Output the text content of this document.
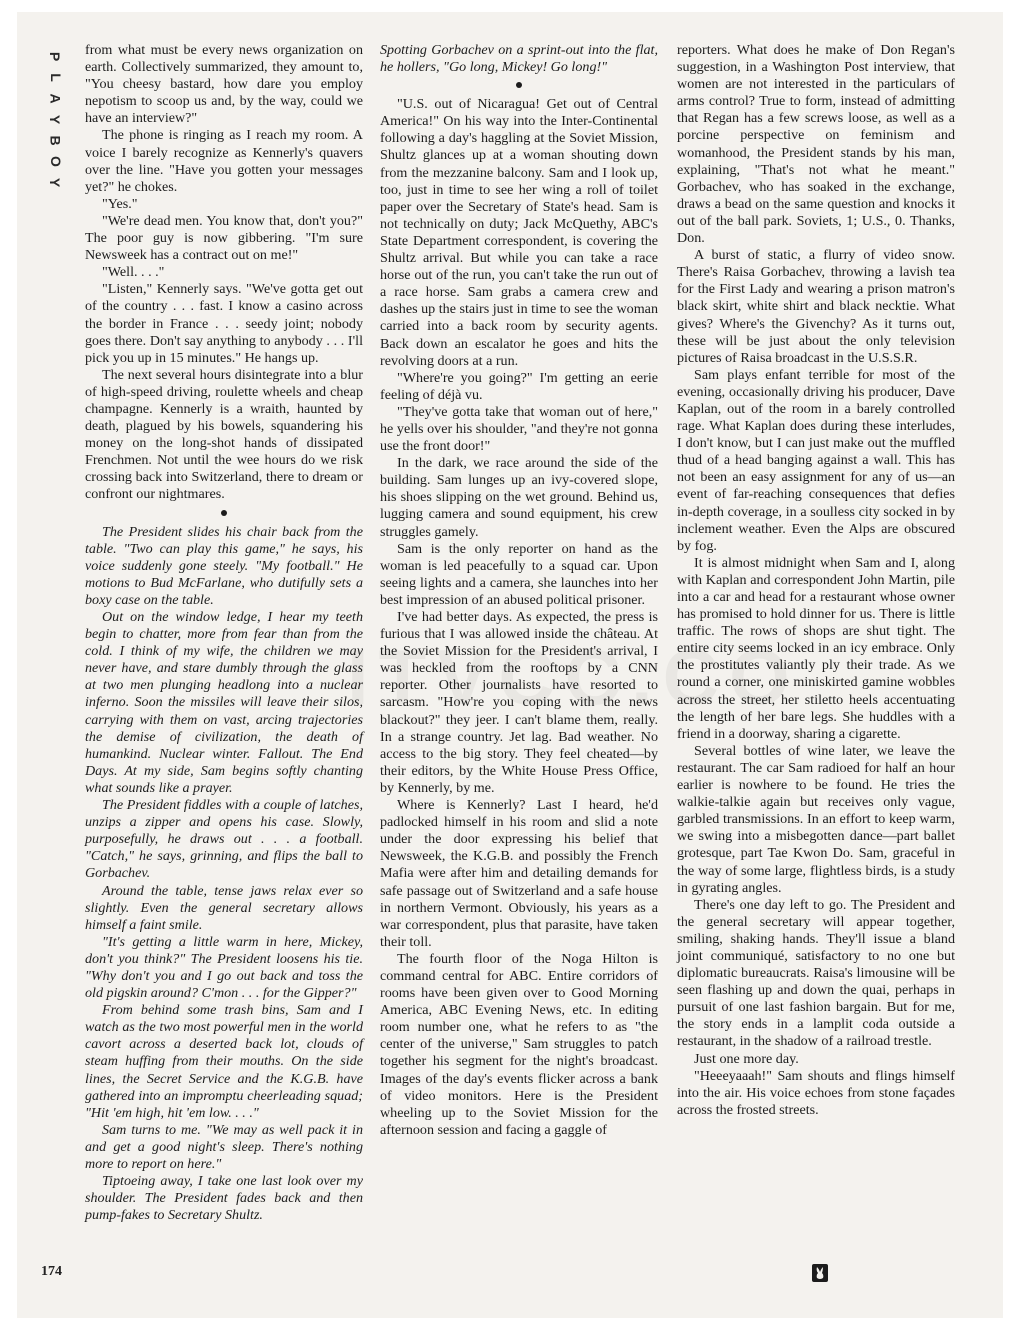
P
L
A
Y
B
O
Y
174

from what must be every news organization on earth. Collectively summarized, they amount to, "You cheesy bastard, how dare you employ nepotism to scoop us and, by the way, could we have an interview?"

The phone is ringing as I reach my room. A voice I barely recognize as Kennerly's quavers over the line. "Have you gotten your messages yet?" he chokes.

"Yes."

"We're dead men. You know that, don't you?" The poor guy is now gibbering. "I'm sure Newsweek has a contract out on me!"

"Well. . . ."

"Listen," Kennerly says. "We've gotta get out of the country . . . fast. I know a casino across the border in France . . . seedy joint; nobody goes there. Don't say anything to anybody . . . I'll pick you up in 15 minutes." He hangs up.

The next several hours disintegrate into a blur of high-speed driving, roulette wheels and cheap champagne. Kennerly is a wraith, haunted by death, plagued by his bowels, squandering his money on the long-shot hands of dissipated Frenchmen. Not until the wee hours do we risk crossing back into Switzerland, there to dream or confront our nightmares.

The President slides his chair back from the table. "Two can play this game," he says, his voice suddenly gone steely. "My football." He motions to Bud McFarlane, who dutifully sets a boxy case on the table.

Out on the window ledge, I hear my teeth begin to chatter, more from fear than from the cold. I think of my wife, the children we may never have, and stare dumbly through the glass at two men plunging headlong into a nuclear inferno. Soon the missiles will leave their silos, carrying with them on vast, arcing trajectories the demise of civilization, the death of humankind. Nuclear winter. Fallout. The End Days. At my side, Sam begins softly chanting what sounds like a prayer.

The President fiddles with a couple of latches, unzips a zipper and opens his case. Slowly, purposefully, he draws out . . . a football. "Catch," he says, grinning, and flips the ball to Gorbachev.

Around the table, tense jaws relax ever so slightly. Even the general secretary allows himself a faint smile.

"It's getting a little warm in here, Mickey, don't you think?" The President loosens his tie. "Why don't you and I go out back and toss the old pigskin around? C'mon . . . for the Gipper?"

From behind some trash bins, Sam and I watch as the two most powerful men in the world cavort across a deserted back lot, clouds of steam huffing from their mouths. On the side lines, the Secret Service and the K.G.B. have gathered into an impromptu cheerleading squad; "Hit 'em high, hit 'em low. . . ."

Sam turns to me. "We may as well pack it in and get a good night's sleep. There's nothing more to report on here."

Tiptoeing away, I take one last look over my shoulder. The President fades back and then pump-fakes to Secretary Shultz.

Spotting Gorbachev on a sprint-out into the flat, he hollers, "Go long, Mickey! Go long!"

"U.S. out of Nicaragua! Get out of Central America!" On his way into the Inter-Continental following a day's haggling at the Soviet Mission, Shultz glances up at a woman shouting down from the mezzanine balcony. Sam and I look up, too, just in time to see her wing a roll of toilet paper over the Secretary of State's head. Sam is not technically on duty; Jack McQuethy, ABC's State Department correspondent, is covering the Shultz arrival. But while you can take a race horse out of the run, you can't take the run out of a race horse. Sam grabs a camera crew and dashes up the stairs just in time to see the woman carried into a back room by security agents. Back down an escalator he goes and hits the revolving doors at a run.

"Where're you going?" I'm getting an eerie feeling of déjà vu.

"They've gotta take that woman out of here," he yells over his shoulder, "and they're not gonna use the front door!"

In the dark, we race around the side of the building. Sam lunges up an ivy-covered slope, his shoes slipping on the wet ground. Behind us, lugging camera and sound equipment, his crew struggles gamely.

Sam is the only reporter on hand as the woman is led peacefully to a squad car. Upon seeing lights and a camera, she launches into her best impression of an abused political prisoner.

I've had better days. As expected, the press is furious that I was allowed inside the château. At the Soviet Mission for the President's arrival, I was heckled from the rooftops by a CNN reporter. Other journalists have resorted to sarcasm. "How're you coping with the news blackout?" they jeer. I can't blame them, really. In a strange country. Jet lag. Bad weather. No access to the big story. They feel cheated—by their editors, by the White House Press Office, by Kennerly, by me.

Where is Kennerly? Last I heard, he'd padlocked himself in his room and slid a note under the door expressing his belief that Newsweek, the K.G.B. and possibly the French Mafia were after him and detailing demands for safe passage out of Switzerland and a safe house in northern Vermont. Obviously, his years as a war correspondent, plus that parasite, have taken their toll.

The fourth floor of the Noga Hilton is command central for ABC. Entire corridors of rooms have been given over to Good Morning America, ABC Evening News, etc. In editing room number one, what he refers to as "the center of the universe," Sam struggles to patch together his segment for the night's broadcast. Images of the day's events flicker across a bank of video monitors. Here is the President wheeling up to the Soviet Mission for the afternoon session and facing a gaggle of

reporters. What does he make of Don Regan's suggestion, in a Washington Post interview, that women are not interested in the particulars of arms control? True to form, instead of admitting that Regan has a few screws loose, as well as a porcine perspective on feminism and womanhood, the President stands by his man, explaining, "That's not what he meant." Gorbachev, who has soaked in the exchange, draws a bead on the same question and knocks it out of the ball park. Soviets, 1; U.S., 0. Thanks, Don.

A burst of static, a flurry of video snow. There's Raisa Gorbachev, throwing a lavish tea for the First Lady and wearing a prison matron's black skirt, white shirt and black necktie. What gives? Where's the Givenchy? As it turns out, these will be just about the only television pictures of Raisa broadcast in the U.S.S.R.

Sam plays enfant terrible for most of the evening, occasionally driving his producer, Dave Kaplan, out of the room in a barely controlled rage. What Kaplan does during these interludes, I don't know, but I can just make out the muffled thud of a head banging against a wall. This has not been an easy assignment for any of us—an event of far-reaching consequences that defies in-depth coverage, in a soulless city socked in by inclement weather. Even the Alps are obscured by fog.

It is almost midnight when Sam and I, along with Kaplan and correspondent John Martin, pile into a car and head for a restaurant whose owner has promised to hold dinner for us. There is little traffic. The rows of shops are shut tight. The entire city seems locked in an icy embrace. Only the prostitutes valiantly ply their trade. As we round a corner, one miniskirted gamine wobbles across the street, her stiletto heels accentuating the length of her bare legs. She huddles with a friend in a doorway, sharing a cigarette.

Several bottles of wine later, we leave the restaurant. The car Sam radioed for half an hour earlier is nowhere to be found. He tries the walkie-talkie again but receives only vague, garbled transmissions. In an effort to keep warm, we swing into a misbegotten dance—part ballet grotesque, part Tae Kwon Do. Sam, graceful in the way of some large, flightless birds, is a study in gyrating angles.

There's one day left to go. The President and the general secretary will appear together, smiling, shaking hands. They'll issue a bland joint communiqué, satisfactory to no one but diplomatic bureaucrats. Raisa's limousine will be seen flashing up and down the quai, perhaps in pursuit of one last fashion bargain. But for me, the story ends in a lamplit coda outside a restaurant, in the shadow of a railroad trestle.

Just one more day.

"Heeeyaaah!" Sam shouts and flings himself into the air. His voice echoes from stone façades across the frosted streets.
